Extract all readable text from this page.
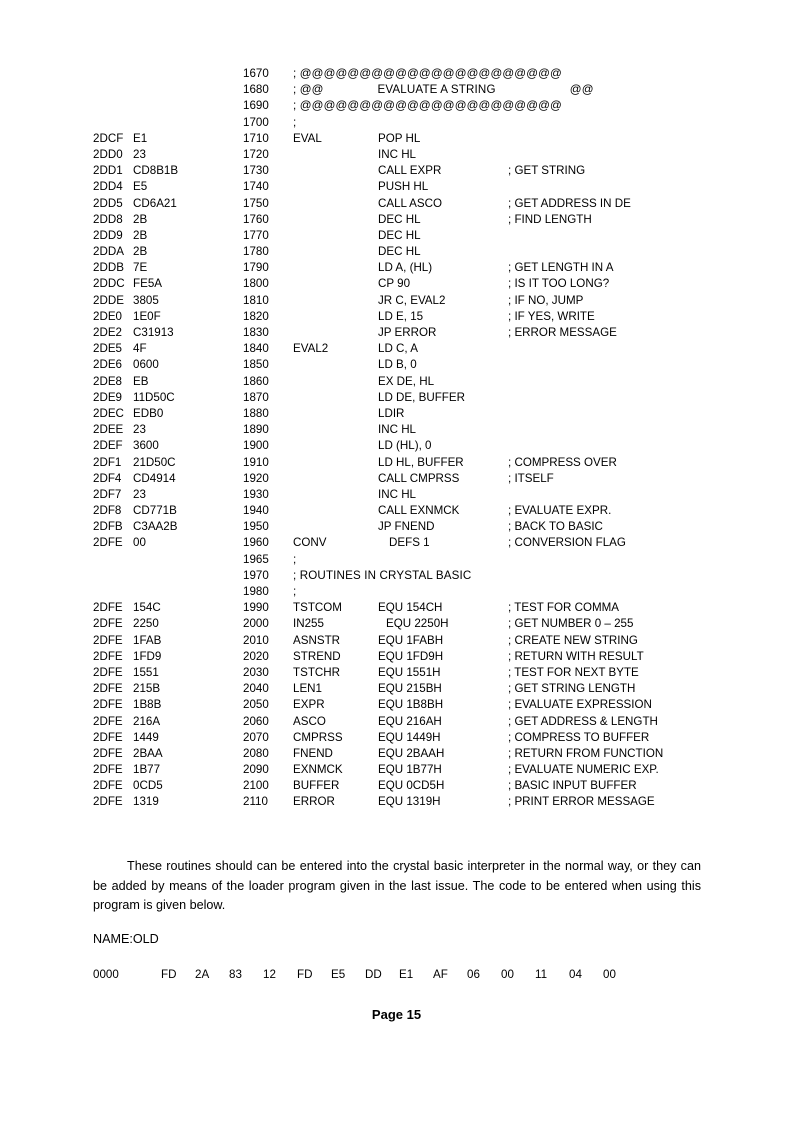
1670 ; @@@@@@@@@@@@@@@@@@@@@@
1680 ; @@                EVALUATE A STRING                      @@
1690 ; @@@@@@@@@@@@@@@@@@@@@@
1700 ;
2DCF E1	1710 EVAL	POP HL
2DD0 23	1720	INC HL
2DD1 CD8B1B	1730	CALL EXPR	; GET STRING
2DD4 E5	1740	PUSH HL
2DD5 CD6A21	1750	CALL ASCO	; GET ADDRESS IN DE
2DD8 2B	1760	DEC HL	; FIND LENGTH
2DD9 2B	1770	DEC HL
2DDA 2B	1780	DEC HL
2DDB 7E	1790	LD A, (HL)	; GET LENGTH IN A
2DDC FE5A	1800	CP 90	; IS IT TOO LONG?
2DDE 3805	1810	JR C, EVAL2	; IF NO, JUMP
2DE0 1E0F	1820	LD E, 15	; IF YES, WRITE
2DE2 C31913	1830	JP ERROR	; ERROR MESSAGE
2DE5 4F	1840 EVAL2	LD C, A
2DE6 0600	1850	LD B, 0
2DE8 EB	1860	EX DE, HL
2DE9 11D50C	1870	LD DE, BUFFER
2DEC EDB0	1880	LDIR
2DEE 23	1890	INC HL
2DEF 3600	1900	LD (HL), 0
2DF1 21D50C	1910	LD HL, BUFFER	; COMPRESS OVER
2DF4 CD4914	1920	CALL CMPRSS	; ITSELF
2DF7 23	1930	INC HL
2DF8 CD771B	1940	CALL EXNMCK	; EVALUATE EXPR.
2DFB C3AA2B	1950	JP FNEND	; BACK TO BASIC
2DFE 00	1960 CONV	DEFS 1	; CONVERSION FLAG
1965 ;
1970 ; ROUTINES IN CRYSTAL BASIC
1980 ;
2DFE 154C	1990 TSTCOM	EQU 154CH	; TEST FOR COMMA
2DFE 2250	2000 IN255	EQU 2250H	; GET NUMBER 0 – 255
2DFE 1FAB	2010 ASNSTR	EQU 1FABH	; CREATE NEW STRING
2DFE 1FD9	2020 STREND	EQU 1FD9H	; RETURN WITH RESULT
2DFE 1551	2030 TSTCHR	EQU 1551H	; TEST FOR NEXT BYTE
2DFE 215B	2040 LEN1	EQU 215BH	; GET STRING LENGTH
2DFE 1B8B	2050 EXPR	EQU 1B8BH	; EVALUATE EXPRESSION
2DFE 216A	2060 ASCO	EQU 216AH	; GET ADDRESS & LENGTH
2DFE 1449	2070 CMPRSS	EQU 1449H	; COMPRESS TO BUFFER
2DFE 2BAA	2080 FNEND	EQU 2BAAH	; RETURN FROM FUNCTION
2DFE 1B77	2090 EXNMCK	EQU 1B77H	; EVALUATE NUMERIC EXP.
2DFE 0CD5	2100 BUFFER	EQU 0CD5H	; BASIC INPUT BUFFER
2DFE 1319	2110 ERROR	EQU 1319H	; PRINT ERROR MESSAGE
These routines should can be entered into the crystal basic interpreter in the normal way, or they can be added by means of the loader program given in the last issue. The code to be entered when using this program is given below.
NAME:OLD
0000	FD 2A 83 12 FD E5 DD E1 AF 06 00 11 04 00
Page 15
